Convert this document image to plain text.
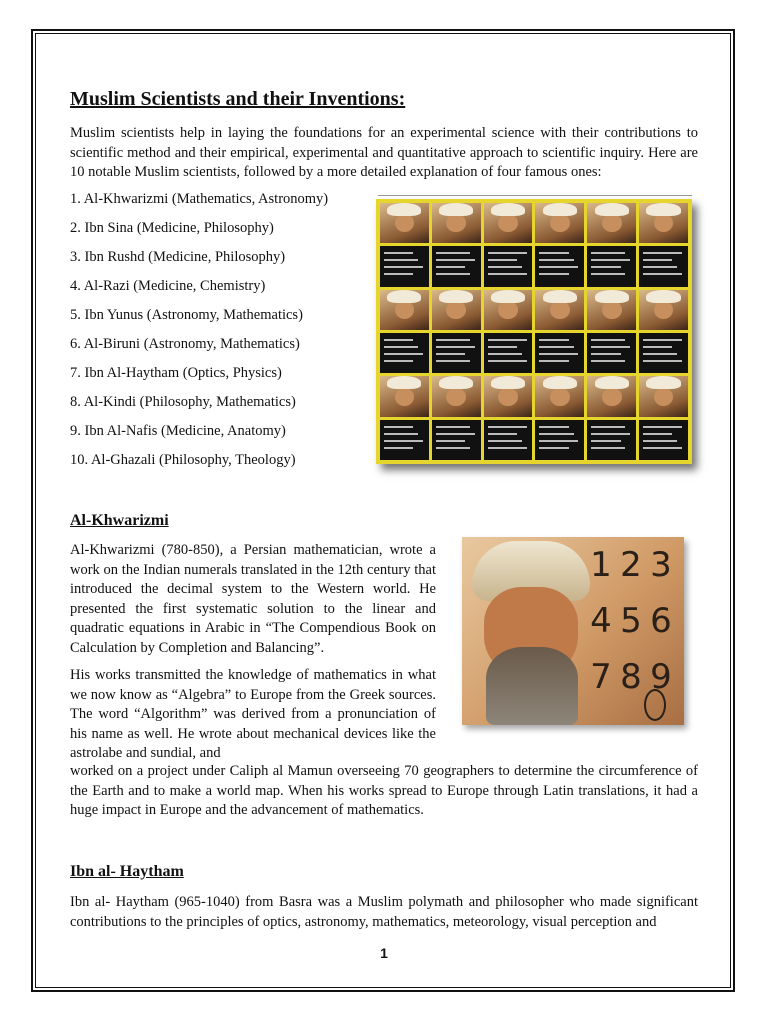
Muslim Scientists and their Inventions:

Muslim scientists help in laying the foundations for an experimental science with their contributions to scientific method and their empirical, experimental and quantitative approach to scientific inquiry. Here are 10 notable Muslim scientists, followed by a more detailed explanation of four famous ones:

1. Al-Khwarizmi (Mathematics, Astronomy)
2. Ibn Sina (Medicine, Philosophy)
3. Ibn Rushd (Medicine, Philosophy)
4. Al-Razi (Medicine, Chemistry)
5. Ibn Yunus (Astronomy, Mathematics)
6. Al-Biruni (Astronomy, Mathematics)
7. Ibn Al-Haytham (Optics, Physics)
8. Al-Kindi (Philosophy, Mathematics)
9. Ibn Al-Nafis (Medicine, Anatomy)
10. Al-Ghazali (Philosophy, Theology)
Al-Khwarizmi

Al-Khwarizmi (780-850), a Persian mathematician, wrote a work on the Indian numerals translated in the 12th century that introduced the decimal system to the Western world. He presented the first systematic solution to the linear and quadratic equations in Arabic in “The Compendious Book on Calculation by Completion and Balancing”.

His works transmitted the knowledge of mathematics in what we now know as “Algebra” to Europe from the Greek sources. The word “Algorithm” was derived from a pronunciation of his name as well. He wrote about mechanical devices like the astrolabe and sundial, and

worked on a project under Caliph al Mamun overseeing 70 geographers to determine the circumference of the Earth and to make a world map. When his works spread to Europe through Latin translations, it had a huge impact in Europe and the advancement of mathematics.

1 2 3
4 5 6
7 8 9
Ibn al- Haytham

Ibn al- Haytham (965-1040) from Basra was a Muslim polymath and philosopher who made significant contributions to the principles of optics, astronomy, mathematics, meteorology, visual perception and

1
